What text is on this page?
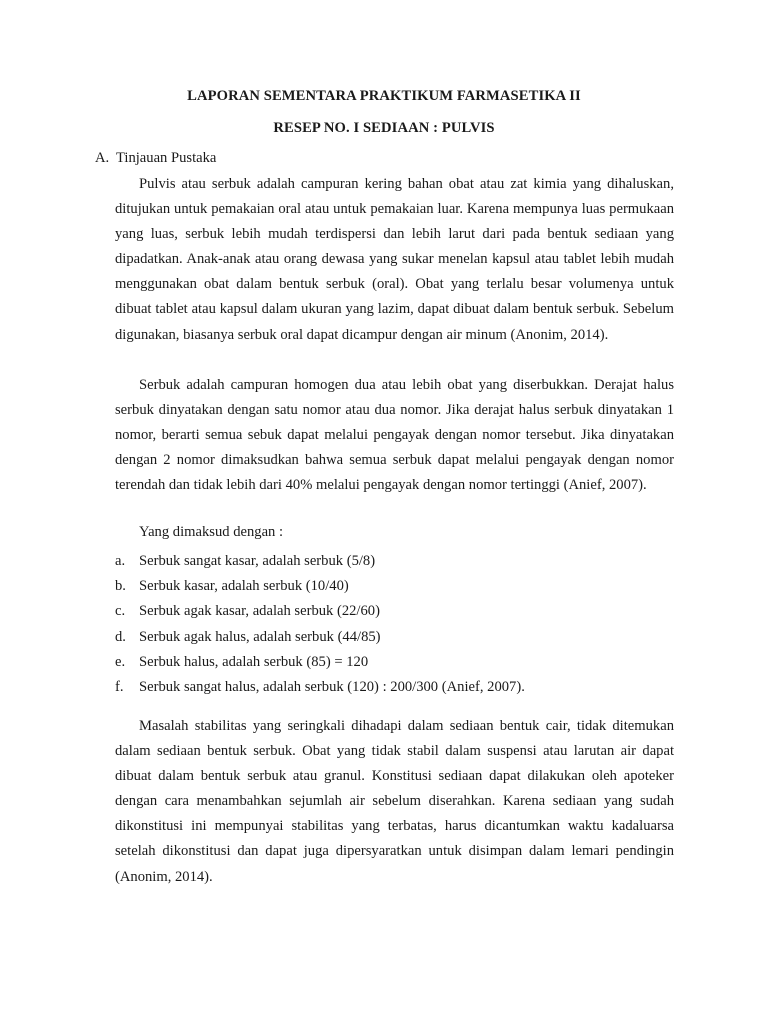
LAPORAN SEMENTARA PRAKTIKUM FARMASETIKA II
RESEP NO. I SEDIAAN : PULVIS
A. Tinjauan Pustaka

Pulvis atau serbuk adalah campuran kering bahan obat atau zat kimia yang dihaluskan, ditujukan untuk pemakaian oral atau untuk pemakaian luar. Karena mempunya luas permukaan yang luas, serbuk lebih mudah terdispersi dan lebih larut dari pada bentuk sediaan yang dipadatkan. Anak-anak atau orang dewasa yang sukar menelan kapsul atau tablet lebih mudah menggunakan obat dalam bentuk serbuk (oral). Obat yang terlalu besar volumenya untuk dibuat tablet atau kapsul dalam ukuran yang lazim, dapat dibuat dalam bentuk serbuk. Sebelum digunakan, biasanya serbuk oral dapat dicampur dengan air minum (Anonim, 2014).

Serbuk adalah campuran homogen dua atau lebih obat yang diserbukkan. Derajat halus serbuk dinyatakan dengan satu nomor atau dua nomor. Jika derajat halus serbuk dinyatakan 1 nomor, berarti semua sebuk dapat melalui pengayak dengan nomor tersebut. Jika dinyatakan dengan 2 nomor dimaksudkan bahwa semua serbuk dapat melalui pengayak dengan nomor terendah dan tidak lebih dari 40% melalui pengayak dengan nomor tertinggi (Anief, 2007).

Yang dimaksud dengan :
a. Serbuk sangat kasar, adalah serbuk (5/8)
b. Serbuk kasar, adalah serbuk (10/40)
c. Serbuk agak kasar, adalah serbuk (22/60)
d. Serbuk agak halus, adalah serbuk (44/85)
e. Serbuk halus, adalah serbuk (85) = 120
f. Serbuk sangat halus, adalah serbuk (120) : 200/300 (Anief, 2007).

Masalah stabilitas yang seringkali dihadapi dalam sediaan bentuk cair, tidak ditemukan dalam sediaan bentuk serbuk. Obat yang tidak stabil dalam suspensi atau larutan air dapat dibuat dalam bentuk serbuk atau granul. Konstitusi sediaan dapat dilakukan oleh apoteker dengan cara menambahkan sejumlah air sebelum diserahkan. Karena sediaan yang sudah dikonstitusi ini mempunyai stabilitas yang terbatas, harus dicantumkan waktu kadaluarsa setelah dikonstitusi dan dapat juga dipersyaratkan untuk disimpan dalam lemari pendingin (Anonim, 2014).
